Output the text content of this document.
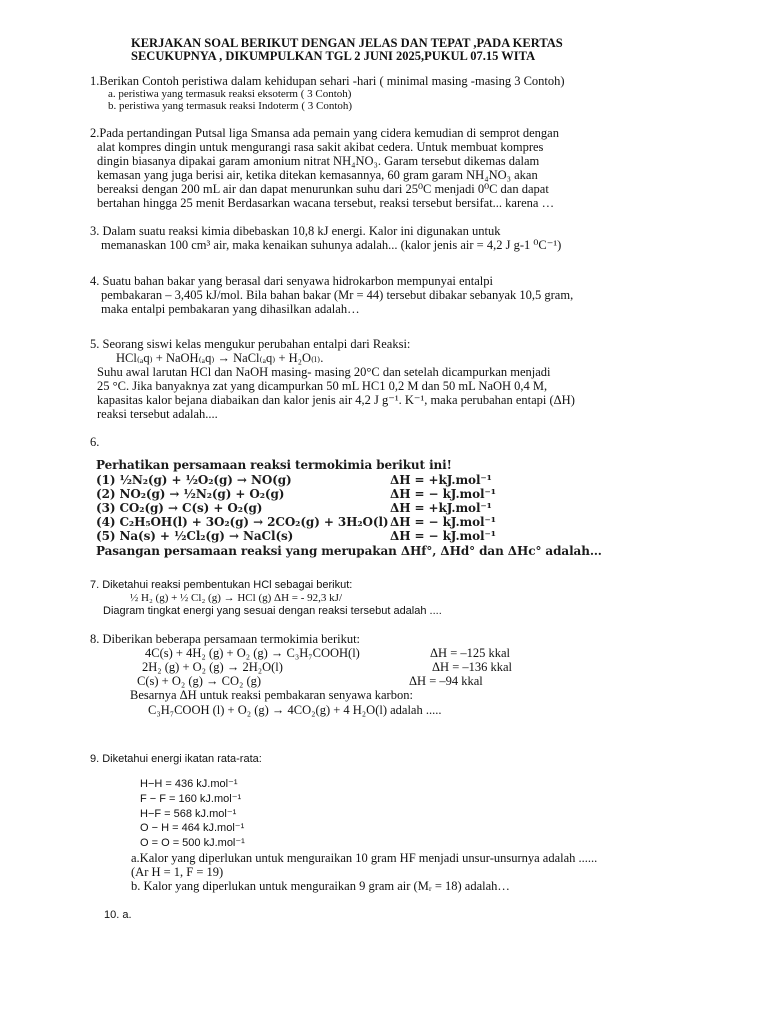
KERJAKAN SOAL BERIKUT DENGAN JELAS DAN TEPAT ,PADA KERTAS
SECUKUPNYA , DIKUMPULKAN TGL 2 JUNI 2025,PUKUL 07.15 WITA
1.Berikan Contoh peristiwa dalam kehidupan sehari -hari ( minimal masing -masing 3 Contoh)
a. peristiwa yang termasuk reaksi eksoterm ( 3 Contoh)
b. peristiwa yang termasuk reaksi Indoterm ( 3 Contoh)
2.Pada pertandingan Putsal liga Smansa ada pemain yang cidera kemudian di semprot dengan
alat kompres dingin untuk mengurangi rasa sakit akibat cedera. Untuk membuat kompres
dingin biasanya dipakai garam amonium nitrat NH₄NO₃. Garam tersebut dikemas dalam
kemasan yang juga berisi air, ketika ditekan kemasannya, 60 gram garam NH₄NO₃ akan
bereaksi dengan 200 mL air dan dapat menurunkan suhu dari 25⁰C menjadi 0⁰C dan dapat
bertahan hingga 25 menit Berdasarkan wacana tersebut, reaksi tersebut bersifat... karena …
3. Dalam suatu reaksi kimia dibebaskan 10,8 kJ energi. Kalor ini digunakan untuk
memanaskan 100 cm³ air, maka kenaikan suhunya adalah... (kalor jenis air = 4,2 J g-1 ⁰C⁻¹)
4. Suatu bahan bakar yang berasal dari senyawa hidrokarbon mempunyai entalpi
pembakaran – 3,405 kJ/mol. Bila bahan bakar (Mr = 44) tersebut dibakar sebanyak 10,5 gram,
maka entalpi pembakaran yang dihasilkan adalah…
5. Seorang siswi kelas mengukur perubahan entalpi dari Reaksi:
HCl₍ₐq₎ + NaOH₍ₐq₎ → NaCl₍ₐq₎ + H₂O₍ₗ₎.
Suhu awal larutan HCl dan NaOH masing- masing 20°C dan setelah dicampurkan menjadi
25 °C. Jika banyaknya zat yang dicampurkan 50 mL HC1 0,2 M dan 50 mL NaOH 0,4 M,
kapasitas kalor bejana diabaikan dan kalor jenis air 4,2 J g⁻¹. K⁻¹, maka perubahan entapi (ΔH)
reaksi tersebut adalah....
6.
Perhatikan persamaan reaksi termokimia berikut ini!
(1) ½N₂(g) + ½O₂(g) → NO(g)	ΔH = +kJ.mol⁻¹
(2) NO₂(g) → ½N₂(g) + O₂(g)	ΔH = − kJ.mol⁻¹
(3) CO₂(g) → C(s) + O₂(g)	ΔH = +kJ.mol⁻¹
(4) C₂H₅OH(l) + 3O₂(g) → 2CO₂(g) + 3H₂O(l) ΔH = − kJ.mol⁻¹
(5) Na(s) + ½Cl₂(g) → NaCl(s)	ΔH = − kJ.mol⁻¹
Pasangan persamaan reaksi yang merupakan ΔHf°, ΔHd° dan ΔHc° adalah…
7. Diketahui reaksi pembentukan HCl sebagai berikut:
½ H₂ (g) + ½ Cl₂ (g) → HCl (g) ΔH = - 92,3 kJ/
Diagram tingkat energi yang sesuai dengan reaksi tersebut adalah ....
8. Diberikan beberapa persamaan termokimia berikut:
4C(s) + 4H₂ (g) + O₂ (g) → C₃H₇COOH(l)	ΔH = –125 kkal
2H₂ (g) + O₂ (g) → 2H₂O(l)	ΔH = –136 kkal
C(s) + O₂ (g) → CO₂ (g)	ΔH = –94 kkal
Besarnya ΔH untuk reaksi pembakaran senyawa karbon:
C₃H₇COOH (l) + O₂ (g) → 4CO₂(g) + 4 H₂O(l) adalah .....
9. Diketahui energi ikatan rata-rata:
H−H = 436 kJ.mol⁻¹
F − F = 160 kJ.mol⁻¹
H−F = 568 kJ.mol⁻¹
O − H = 464 kJ.mol⁻¹
O = O = 500 kJ.mol⁻¹
a.Kalor yang diperlukan untuk menguraikan 10 gram HF menjadi unsur-unsurnya adalah ......
(Ar H = 1, F = 19)
b. Kalor yang diperlukan untuk menguraikan 9 gram air (Mᵣ = 18) adalah…
10. a.
